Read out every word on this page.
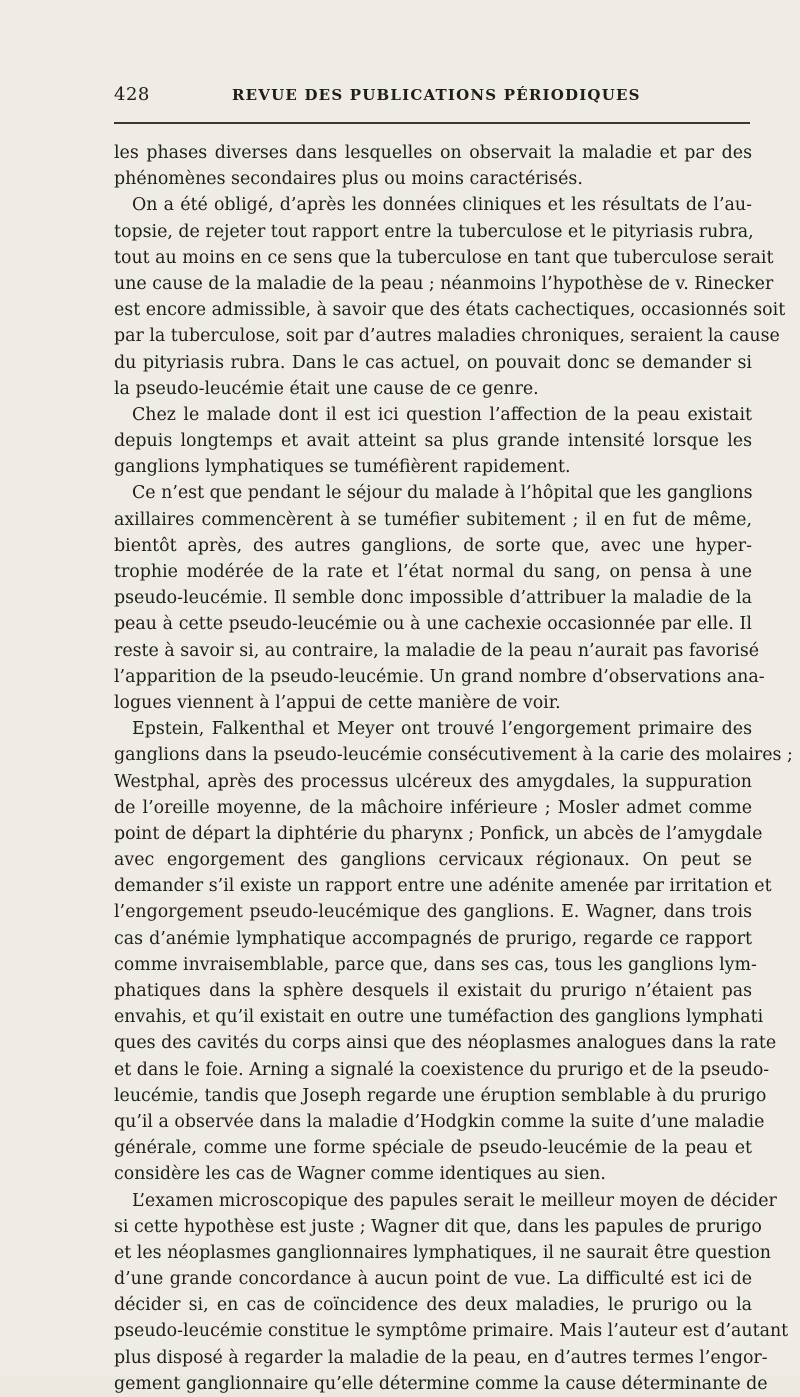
428	REVUE DES PUBLICATIONS PÉRIODIQUES
les phases diverses dans lesquelles on observait la maladie et par des
phénomènes secondaires plus ou moins caractérisés.
On a été obligé, d’après les données cliniques et les résultats de l’au-
topsie, de rejeter tout rapport entre la tuberculose et le pityriasis rubra,
tout au moins en ce sens que la tuberculose en tant que tuberculose serait
une cause de la maladie de la peau ; néanmoins l’hypothèse de v. Rinecker
est encore admissible, à savoir que des états cachectiques, occasionnés soit
par la tuberculose, soit par d’autres maladies chroniques, seraient la cause
du pityriasis rubra. Dans le cas actuel, on pouvait donc se demander si
la pseudo-leucémie était une cause de ce genre.
Chez le malade dont il est ici question l’affection de la peau existait
depuis longtemps et avait atteint sa plus grande intensité lorsque les
ganglions lymphatiques se tuméfièrent rapidement.
Ce n’est que pendant le séjour du malade à l’hôpital que les ganglions
axillaires commencèrent à se tuméfier subitement ; il en fut de même,
bientôt après, des autres ganglions, de sorte que, avec une hyper-
trophie modérée de la rate et l’état normal du sang, on pensa à une
pseudo-leucémie. Il semble donc impossible d’attribuer la maladie de la
peau à cette pseudo-leucémie ou à une cachexie occasionnée par elle. Il
reste à savoir si, au contraire, la maladie de la peau n’aurait pas favorisé
l’apparition de la pseudo-leucémie. Un grand nombre d’observations ana-
logues viennent à l’appui de cette manière de voir.
Epstein, Falkenthal et Meyer ont trouvé l’engorgement primaire des
ganglions dans la pseudo-leucémie consécutivement à la carie des molaires ;
Westphal, après des processus ulcéreux des amygdales, la suppuration
de l’oreille moyenne, de la mâchoire inférieure ; Mosler admet comme
point de départ la diphtérie du pharynx ; Ponfick, un abcès de l’amygdale
avec engorgement des ganglions cervicaux régionaux. On peut se
demander s’il existe un rapport entre une adénite amenée par irritation et
l’engorgement pseudo-leucémique des ganglions. E. Wagner, dans trois
cas d’anémie lymphatique accompagnés de prurigo, regarde ce rapport
comme invraisemblable, parce que, dans ses cas, tous les ganglions lym-
phatiques dans la sphère desquels il existait du prurigo n’étaient pas
envahis, et qu’il existait en outre une tuméfaction des ganglions lymphati
ques des cavités du corps ainsi que des néoplasmes analogues dans la rate
et dans le foie. Arning a signalé la coexistence du prurigo et de la pseudo-
leucémie, tandis que Joseph regarde une éruption semblable à du prurigo
qu’il a observée dans la maladie d’Hodgkin comme la suite d’une maladie
générale, comme une forme spéciale de pseudo-leucémie de la peau et
considère les cas de Wagner comme identiques au sien.
L’examen microscopique des papules serait le meilleur moyen de décider
si cette hypothèse est juste ; Wagner dit que, dans les papules de prurigo
et les néoplasmes ganglionnaires lymphatiques, il ne saurait être question
d’une grande concordance à aucun point de vue. La difficulté est ici de
décider si, en cas de coïncidence des deux maladies, le prurigo ou la
pseudo-leucémie constitue le symptôme primaire. Mais l’auteur est d’autant
plus disposé à regarder la maladie de la peau, en d’autres termes l’engor-
gement ganglionnaire qu’elle détermine comme la cause déterminante de
